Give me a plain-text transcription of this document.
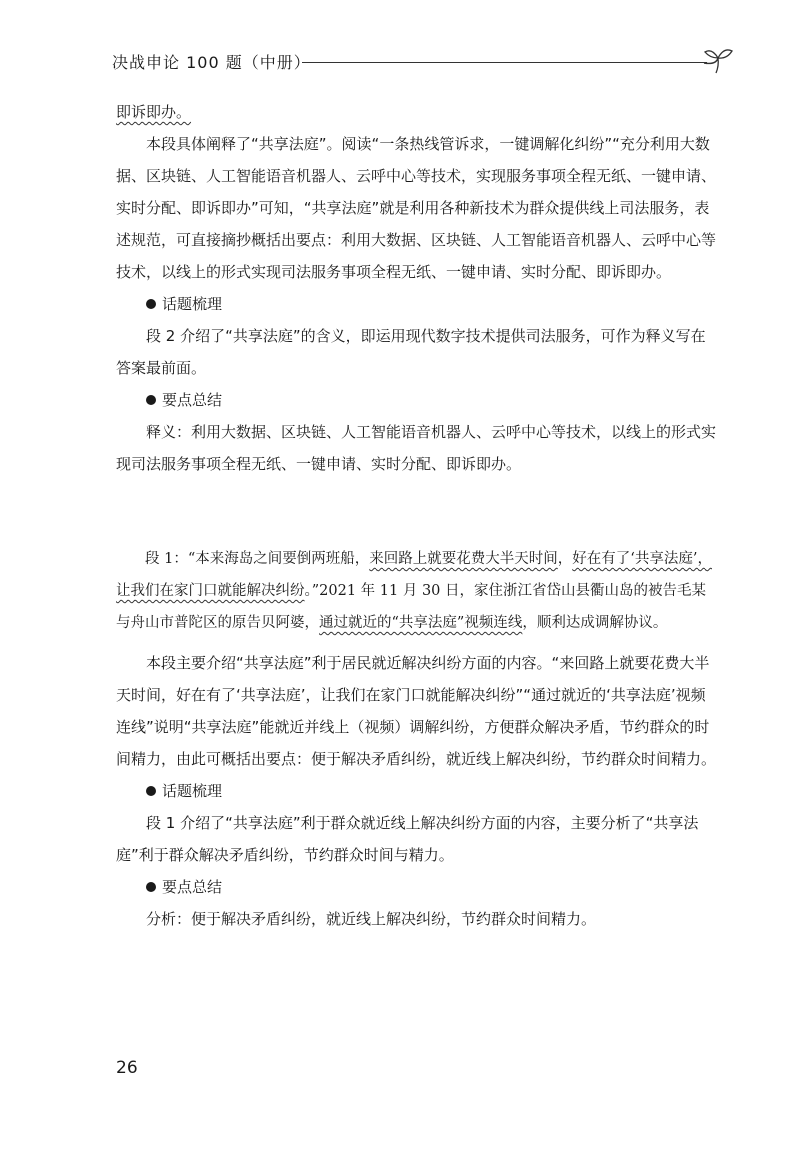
决战申论 100 题（中册）

即诉即办。

本段具体阐释了“共享法庭”。阅读“一条热线管诉求，一键调解化纠纷”“充分利用大数据、区块链、人工智能语音机器人、云呼中心等技术，实现服务事项全程无纸、一键申请、实时分配、即诉即办”可知，“共享法庭”就是利用各种新技术为群众提供线上司法服务，表述规范，可直接摘抄概括出要点：利用大数据、区块链、人工智能语音机器人、云呼中心等技术，以线上的形式实现司法服务事项全程无纸、一键申请、实时分配、即诉即办。

话题梳理

段 2 介绍了“共享法庭”的含义，即运用现代数字技术提供司法服务，可作为释义写在答案最前面。

要点总结

释义：利用大数据、区块链、人工智能语音机器人、云呼中心等技术，以线上的形式实现司法服务事项全程无纸、一键申请、实时分配、即诉即办。

段 1：“本来海岛之间要倒两班船，来回路上就要花费大半天时间，好在有了‘共享法庭’，让我们在家门口就能解决纠纷。”2021 年 11 月 30 日，家住浙江省岱山县衢山岛的被告毛某与舟山市普陀区的原告贝阿婆，通过就近的“共享法庭”视频连线，顺利达成调解协议。

本段主要介绍“共享法庭”利于居民就近解决纠纷方面的内容。“来回路上就要花费大半天时间，好在有了‘共享法庭’，让我们在家门口就能解决纠纷”“通过就近的‘共享法庭’视频连线”说明“共享法庭”能就近并线上（视频）调解纠纷，方便群众解决矛盾，节约群众的时间精力，由此可概括出要点：便于解决矛盾纠纷，就近线上解决纠纷，节约群众时间精力。

话题梳理

段 1 介绍了“共享法庭”利于群众就近线上解决纠纷方面的内容，主要分析了“共享法庭”利于群众解决矛盾纠纷，节约群众时间与精力。

要点总结

分析：便于解决矛盾纠纷，就近线上解决纠纷，节约群众时间精力。

26
